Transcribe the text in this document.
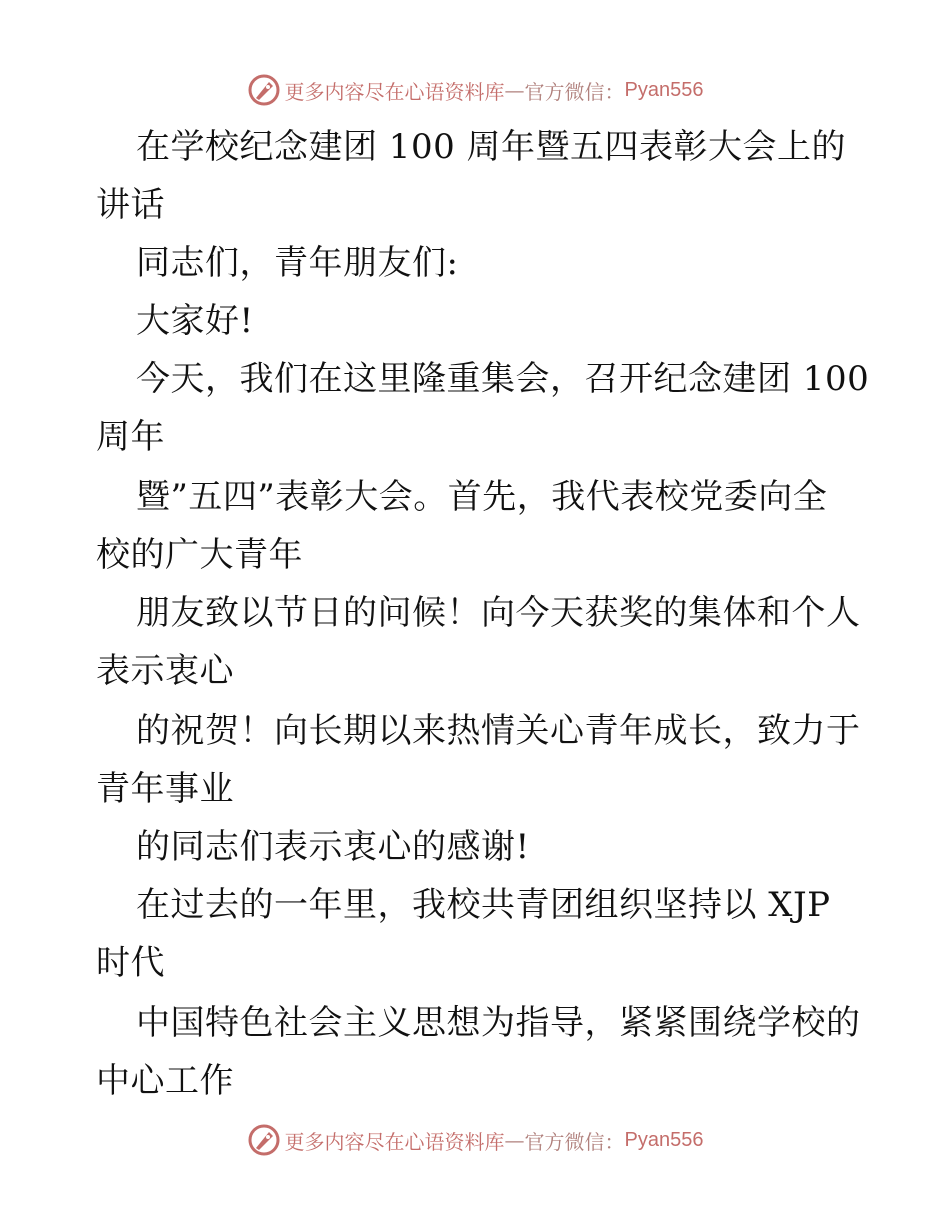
更多内容尽在心语资料库 — 官方微信： Pyan556
在学校纪念建团 100 周年暨五四表彰大会上的
讲话
同志们，青年朋友们:
大家好!
今天，我们在这里隆重集会，召开纪念建团 100
周年
暨”五四”表彰大会。首先，我代表校党委向全
校的广大青年
朋友致以节日的问候！向今天获奖的集体和个人
表示衷心
的祝贺！向长期以来热情关心青年成长，致力于
青年事业
的同志们表示衷心的感谢!
在过去的一年里，我校共青团组织坚持以 XJP
时代
中国特色社会主义思想为指导，紧紧围绕学校的
中心工作
更多内容尽在心语资料库 — 官方微信： Pyan556
